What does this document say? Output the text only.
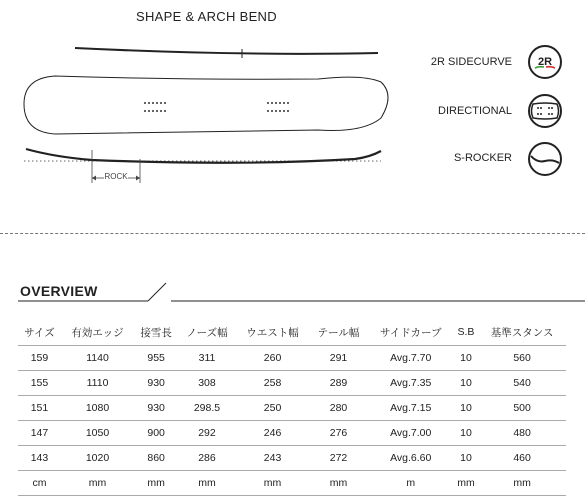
SHAPE & ARCH BEND
ROCK
2R SIDECURVE
DIRECTIONAL
S-ROCKER
2R
OVERVIEW
サイズ	有効エッジ	接雪長	ノーズ幅	ウエスト幅	テール幅	サイドカーブ	S.B	基準スタンス
159	1140	955	311	260	291	Avg.7.70	10	560
155	1110	930	308	258	289	Avg.7.35	10	540
151	1080	930	298.5	250	280	Avg.7.15	10	500
147	1050	900	292	246	276	Avg.7.00	10	480
143	1020	860	286	243	272	Avg.6.60	10	460
cm	mm	mm	mm	mm	mm	m	mm	mm
